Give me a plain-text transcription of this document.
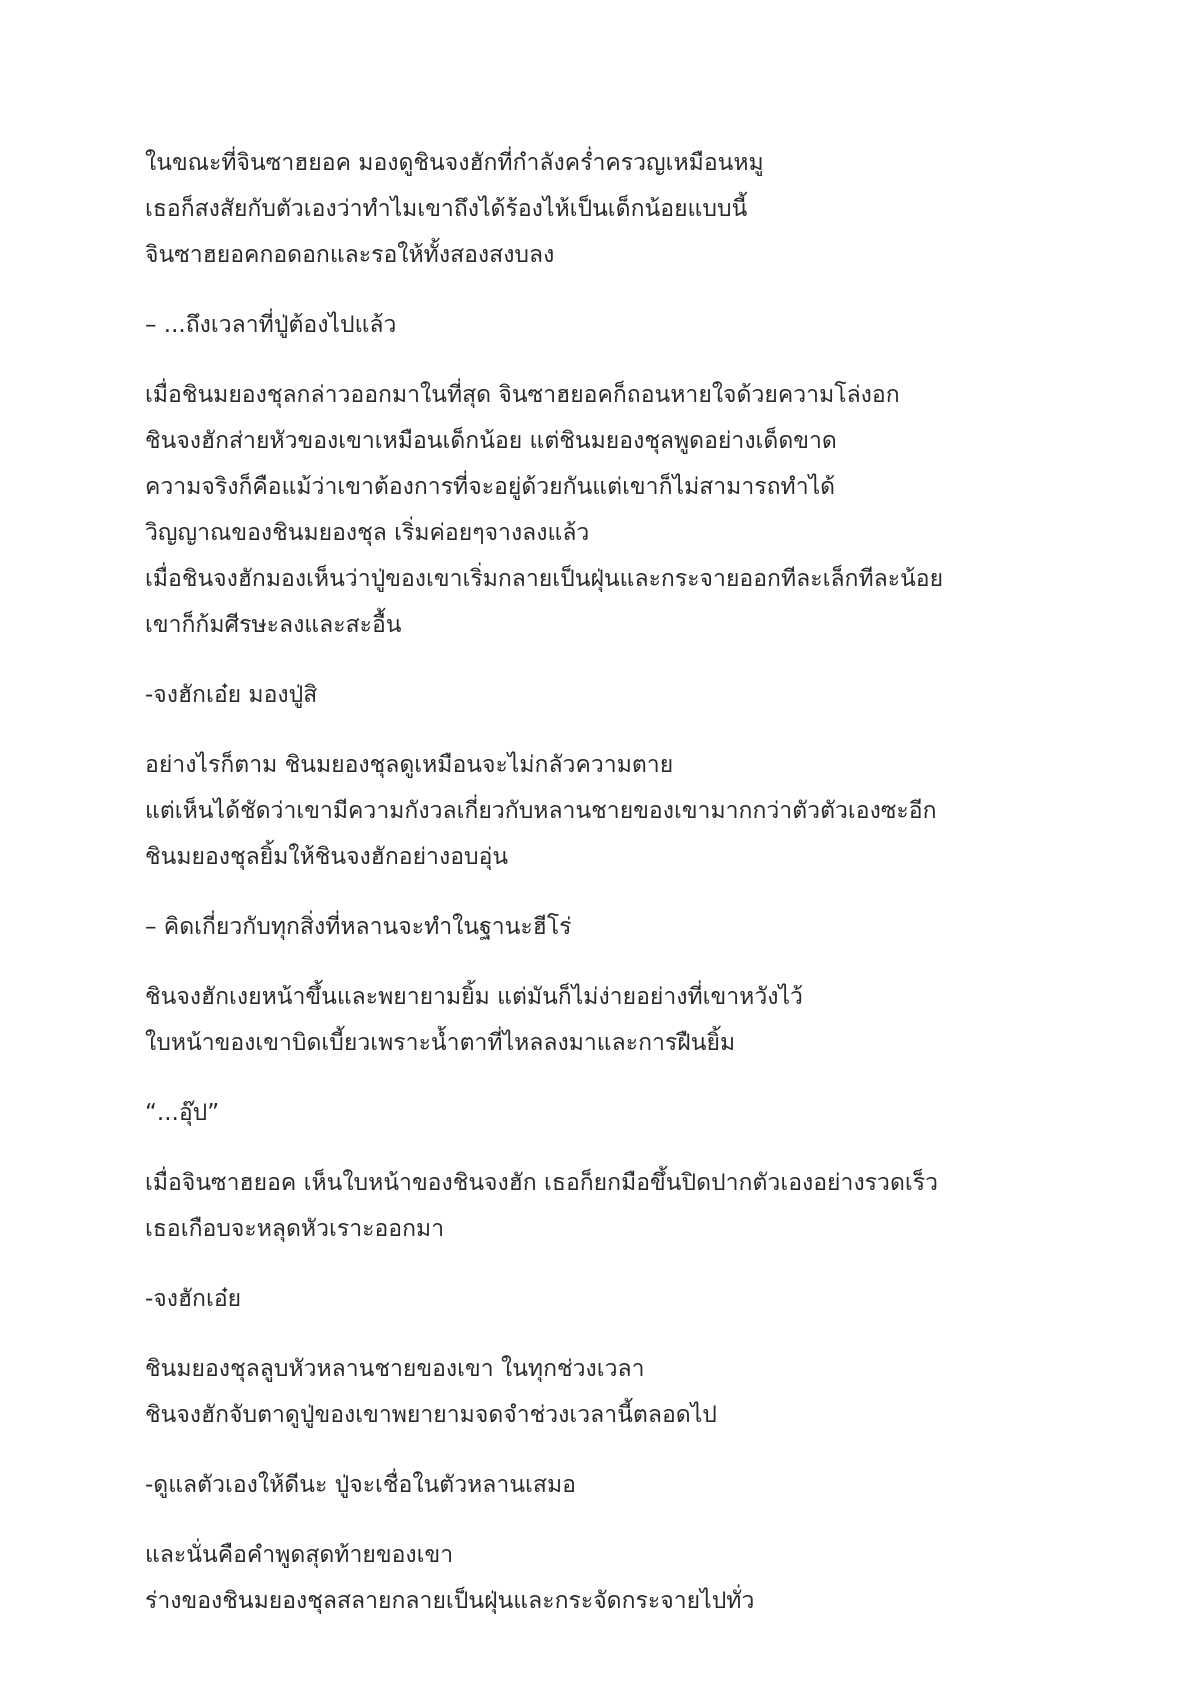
ในขณะที่จินซาฮยอค มองดูชินจงฮักที่กำลังคร่ำครวญเหมือนหมู
เธอก็สงสัยกับตัวเองว่าทำไมเขาถึงได้ร้องไห้เป็นเด็กน้อยแบบนี้
จินซาฮยอคกอดอกและรอให้ทั้งสองสงบลง

– ...ถึงเวลาที่ปู่ต้องไปแล้ว

เมื่อชินมยองชุลกล่าวออกมาในที่สุด จินซาฮยอคก็ถอนหายใจด้วยความโล่งอก
ชินจงฮักส่ายหัวของเขาเหมือนเด็กน้อย แต่ชินมยองชุลพูดอย่างเด็ดขาด
ความจริงก็คือแม้ว่าเขาต้องการที่จะอยู่ด้วยกันแต่เขาก็ไม่สามารถทำได้
วิญญาณของชินมยองชุล เริ่มค่อยๆจางลงแล้ว
เมื่อชินจงฮักมองเห็นว่าปู่ของเขาเริ่มกลายเป็นฝุ่นและกระจายออกทีละเล็กทีละน้อย
เขาก็ก้มศีรษะลงและสะอื้น

-จงฮักเอ๋ย มองปู่สิ

อย่างไรก็ตาม ชินมยองชุลดูเหมือนจะไม่กลัวความตาย
แต่เห็นได้ชัดว่าเขามีความกังวลเกี่ยวกับหลานชายของเขามากกว่าตัวตัวเองซะอีก
ชินมยองชุลยิ้มให้ชินจงฮักอย่างอบอุ่น

– คิดเกี่ยวกับทุกสิ่งที่หลานจะทำในฐานะฮีโร่

ชินจงฮักเงยหน้าขึ้นและพยายามยิ้ม แต่มันก็ไม่ง่ายอย่างที่เขาหวังไว้
ใบหน้าของเขาบิดเบี้ยวเพราะน้ำตาที่ไหลลงมาและการฝืนยิ้ม

“...อุ๊ป”

เมื่อจินซาฮยอค เห็นใบหน้าของชินจงฮัก เธอก็ยกมือขึ้นปิดปากตัวเองอย่างรวดเร็ว
เธอเกือบจะหลุดหัวเราะออกมา

-จงฮักเอ๋ย

ชินมยองชุลลูบหัวหลานชายของเขา ในทุกช่วงเวลา
ชินจงฮักจับตาดูปู่ของเขาพยายามจดจำช่วงเวลานี้ตลอดไป

-ดูแลตัวเองให้ดีนะ ปู่จะเชื่อในตัวหลานเสมอ

และนั่นคือคำพูดสุดท้ายของเขา
ร่างของชินมยองชุลสลายกลายเป็นฝุ่นและกระจัดกระจายไปทั่ว
